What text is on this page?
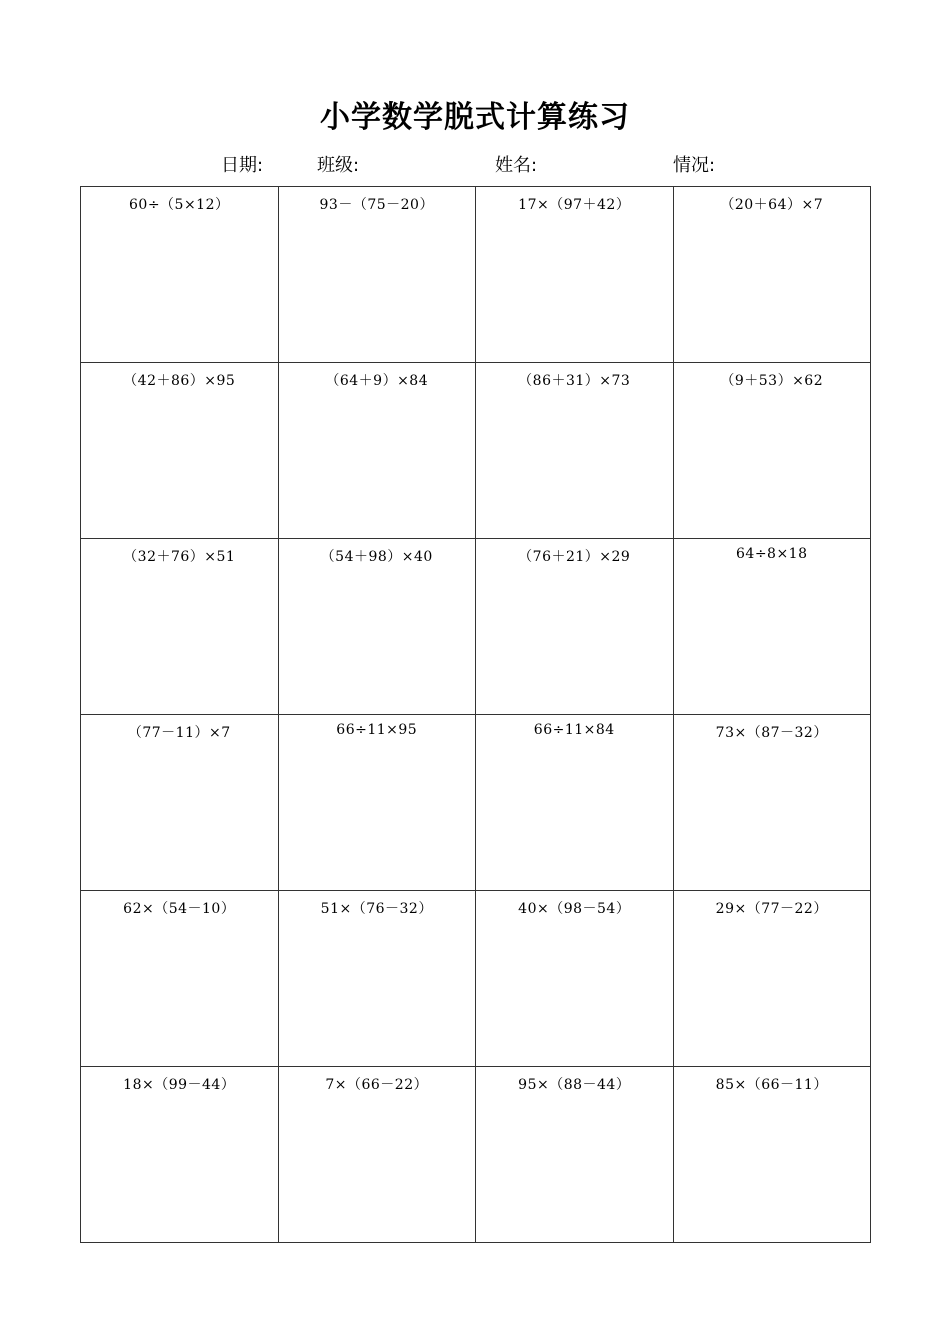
小学数学脱式计算练习
日期:	班级:	姓名:	情况:
60÷（5×12）	93－（75－20）	17×（97＋42）	（20＋64）×7

（42＋86）×95	（64＋9）×84	（86＋31）×73	（9＋53）×62

（32＋76）×51	（54＋98）×40	（76＋21）×29	64÷8×18

（77－11）×7	66÷11×95	66÷11×84	73×（87－32）

62×（54－10）	51×（76－32）	40×（98－54）	29×（77－22）

18×（99－44）	7×（66－22）	95×（88－44）	85×（66－11）
